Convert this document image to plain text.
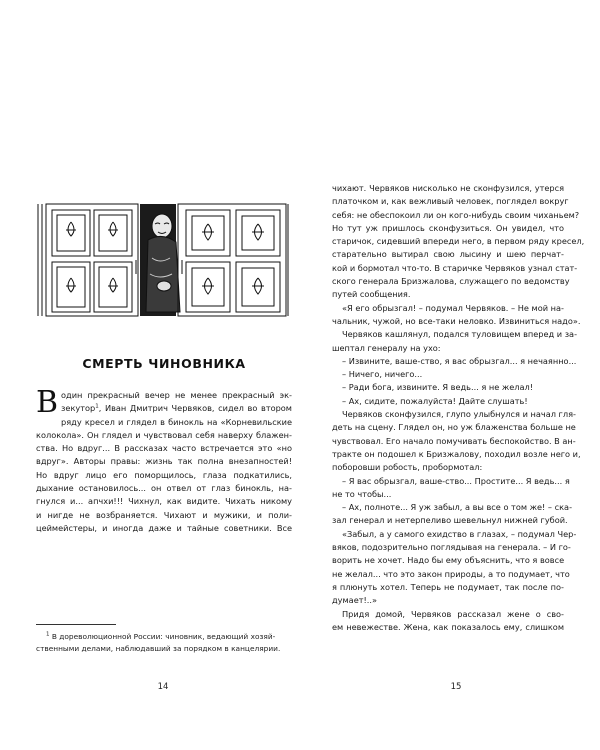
СМЕРТЬ ЧИНОВНИКА
В один прекрасный вечер не менее прекрасный эк-
зекутор$^1$, Иван Дмитрич Червяков, сидел во втором
ряду кресел и глядел в бинокль на «Корневильские
колокола». Он глядел и чувствовал себя наверху блажен-
ства. Но вдруг... В рассказах часто встречается это «но
вдруг». Авторы правы: жизнь так полна внезапностей!
Но вдруг лицо его поморщилось, глаза подкатились,
дыхание остановилось... он отвел от глаз бинокль, на-
гнулся и... апчхи!!! Чихнул, как видите. Чихать никому
и нигде не возбраняется. Чихают и мужики, и поли-
цеймейстеры, и иногда даже и тайные советники. Все
$^1$ В дореволюционной России: чиновник, ведающий хозяй-
ственными делами, наблюдавший за порядком в канцелярии.
14
чихают. Червяков нисколько не сконфузился, утерся
платочком и, как вежливый человек, поглядел вокруг
себя: не обеспокоил ли он кого-нибудь своим чиханьем?
Но тут уж пришлось сконфузиться. Он увидел, что
старичок, сидевший впереди него, в первом ряду кресел,
старательно вытирал свою лысину и шею перчат-
кой и бормотал что-то. В старичке Червяков узнал стат-
ского генерала Бризжалова, служащего по ведомству
путей сообщения.
«Я его обрызгал! – подумал Червяков. – Не мой на-
чальник, чужой, но все-таки неловко. Извиниться надо».
Червяков кашлянул, подался туловищем вперед и за-
шептал генералу на ухо:
– Извините, ваше-ство, я вас обрызгал... я нечаянно...
– Ничего, ничего...
– Ради бога, извините. Я ведь... я не желал!
– Ах, сидите, пожалуйста! Дайте слушать!
Червяков сконфузился, глупо улыбнулся и начал гля-
деть на сцену. Глядел он, но уж блаженства больше не
чувствовал. Его начало помучивать беспокойство. В ан-
тракте он подошел к Бризжалову, походил возле него и,
поборовши робость, пробормотал:
– Я вас обрызгал, ваше-ство... Простите... Я ведь... я
не то чтобы...
– Ах, полноте... Я уж забыл, а вы все о том же! – ска-
зал генерал и нетерпеливо шевельнул нижней губой.
«Забыл, а у самого ехидство в глазах, – подумал Чер-
вяков, подозрительно поглядывая на генерала. – И го-
ворить не хочет. Надо бы ему объяснить, что я вовсе
не желал... что это закон природы, а то подумает, что
я плюнуть хотел. Теперь не подумает, так после по-
думает!..»
Придя домой, Червяков рассказал жене о сво-
ем невежестве. Жена, как показалось ему, слишком
15
